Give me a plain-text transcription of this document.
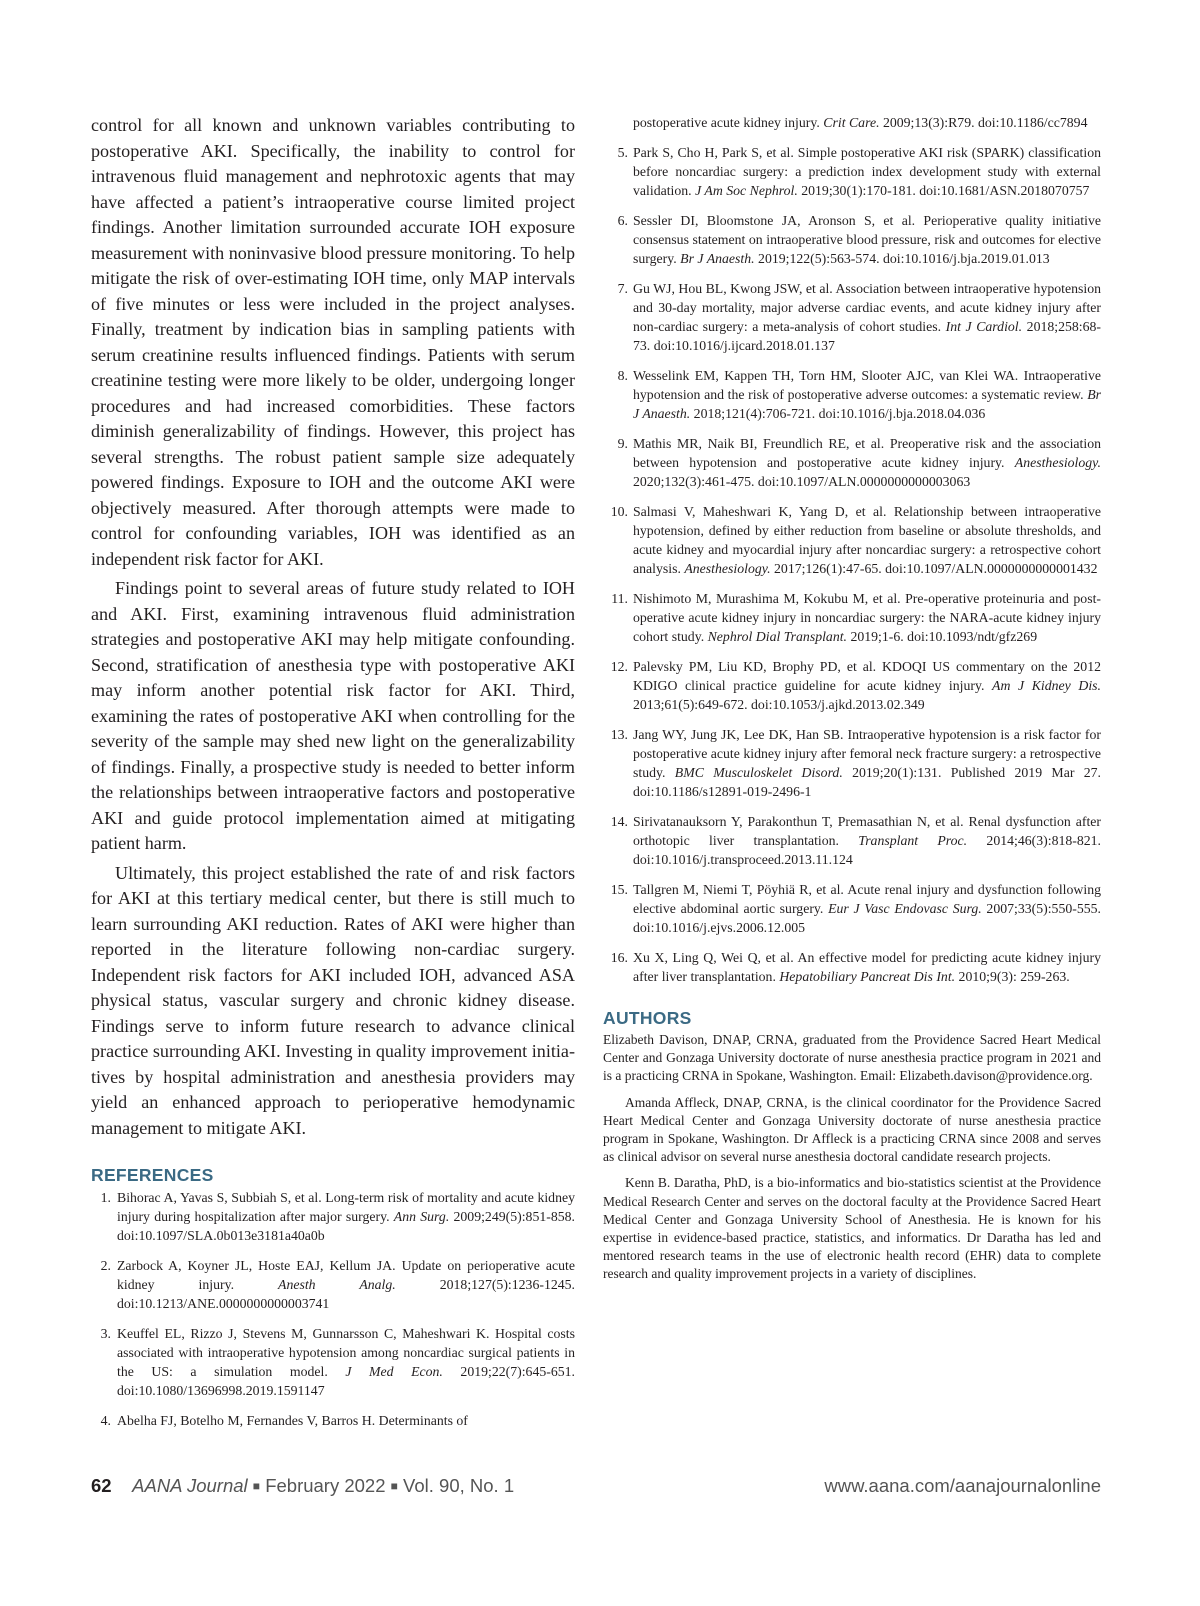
control for all known and unknown variables contributing to postoperative AKI. Specifically, the inability to control for intravenous fluid management and nephrotoxic agents that may have affected a patient’s intraoperative course limited project findings. Another limitation surrounded accurate IOH exposure measurement with noninvasive blood pressure monitoring. To help mitigate the risk of over-estimating IOH time, only MAP intervals of five minutes or less were included in the project analyses. Finally, treatment by indication bias in sampling patients with serum creatinine results influenced findings. Patients with serum creatinine testing were more likely to be older, undergoing longer procedures and had increased comorbidities. These factors diminish generalizability of findings. However, this project has several strengths. The robust patient sample size adequately powered findings. Exposure to IOH and the outcome AKI were objectively measured. After thorough attempts were made to control for confounding variables, IOH was identified as an independent risk factor for AKI.

Findings point to several areas of future study related to IOH and AKI. First, examining intravenous fluid administration strategies and postoperative AKI may help mitigate confounding. Second, stratification of anesthesia type with postoperative AKI may inform another potential risk factor for AKI. Third, examining the rates of postoperative AKI when controlling for the severity of the sample may shed new light on the generalizability of findings. Finally, a prospective study is needed to better inform the relationships between intraoperative factors and postoperative AKI and guide protocol implementation aimed at mitigating patient harm.

Ultimately, this project established the rate of and risk factors for AKI at this tertiary medical center, but there is still much to learn surrounding AKI reduction. Rates of AKI were higher than reported in the literature following non-cardiac surgery. Independent risk factors for AKI included IOH, advanced ASA physical status, vascular surgery and chronic kidney disease. Findings serve to inform future research to advance clinical practice surrounding AKI. Investing in quality improvement initiatives by hospital administration and anesthesia providers may yield an enhanced approach to perioperative hemodynamic management to mitigate AKI.

REFERENCES
1. Bihorac A, Yavas S, Subbiah S, et al. Long-term risk of mortality and acute kidney injury during hospitalization after major surgery. Ann Surg. 2009;249(5):851-858. doi:10.1097/SLA.0b013e3181a40a0b
2. Zarbock A, Koyner JL, Hoste EAJ, Kellum JA. Update on perioperative acute kidney injury. Anesth Analg. 2018;127(5):1236-1245. doi:10.1213/ANE.0000000000003741
3. Keuffel EL, Rizzo J, Stevens M, Gunnarsson C, Maheshwari K. Hospital costs associated with intraoperative hypotension among noncardiac surgical patients in the US: a simulation model. J Med Econ. 2019;22(7):645-651. doi:10.1080/13696998.2019.1591147
4. Abelha FJ, Botelho M, Fernandes V, Barros H. Determinants of
postoperative acute kidney injury. Crit Care. 2009;13(3):R79. doi:10.1186/cc7894
5. Park S, Cho H, Park S, et al. Simple postoperative AKI risk (SPARK) classification before noncardiac surgery: a prediction index development study with external validation. J Am Soc Nephrol. 2019;30(1):170-181. doi:10.1681/ASN.2018070757
6. Sessler DI, Bloomstone JA, Aronson S, et al. Perioperative quality initiative consensus statement on intraoperative blood pressure, risk and outcomes for elective surgery. Br J Anaesth. 2019;122(5):563-574. doi:10.1016/j.bja.2019.01.013
7. Gu WJ, Hou BL, Kwong JSW, et al. Association between intraoperative hypotension and 30-day mortality, major adverse cardiac events, and acute kidney injury after non-cardiac surgery: a meta-analysis of cohort studies. Int J Cardiol. 2018;258:68-73. doi:10.1016/j.ijcard.2018.01.137
8. Wesselink EM, Kappen TH, Torn HM, Slooter AJC, van Klei WA. Intraoperative hypotension and the risk of postoperative adverse outcomes: a systematic review. Br J Anaesth. 2018;121(4):706-721. doi:10.1016/j.bja.2018.04.036
9. Mathis MR, Naik BI, Freundlich RE, et al. Preoperative risk and the association between hypotension and postoperative acute kidney injury. Anesthesiology. 2020;132(3):461-475. doi:10.1097/ALN.0000000000003063
10. Salmasi V, Maheshwari K, Yang D, et al. Relationship between intraoperative hypotension, defined by either reduction from baseline or absolute thresholds, and acute kidney and myocardial injury after noncardiac surgery: a retrospective cohort analysis. Anesthesiology. 2017;126(1):47-65. doi:10.1097/ALN.0000000000001432
11. Nishimoto M, Murashima M, Kokubu M, et al. Pre-operative proteinuria and post-operative acute kidney injury in noncardiac surgery: the NARA-acute kidney injury cohort study. Nephrol Dial Transplant. 2019;1-6. doi:10.1093/ndt/gfz269
12. Palevsky PM, Liu KD, Brophy PD, et al. KDOQI US commentary on the 2012 KDIGO clinical practice guideline for acute kidney injury. Am J Kidney Dis. 2013;61(5):649-672. doi:10.1053/j.ajkd.2013.02.349
13. Jang WY, Jung JK, Lee DK, Han SB. Intraoperative hypotension is a risk factor for postoperative acute kidney injury after femoral neck fracture surgery: a retrospective study. BMC Musculoskelet Disord. 2019;20(1):131. Published 2019 Mar 27. doi:10.1186/s12891-019-2496-1
14. Sirivatanauksorn Y, Parakonthun T, Premasathian N, et al. Renal dysfunction after orthotopic liver transplantation. Transplant Proc. 2014;46(3):818-821. doi:10.1016/j.transproceed.2013.11.124
15. Tallgren M, Niemi T, Pöyhiä R, et al. Acute renal injury and dysfunction following elective abdominal aortic surgery. Eur J Vasc Endovasc Surg. 2007;33(5):550-555. doi:10.1016/j.ejvs.2006.12.005
16. Xu X, Ling Q, Wei Q, et al. An effective model for predicting acute kidney injury after liver transplantation. Hepatobiliary Pancreat Dis Int. 2010;9(3): 259-263.
AUTHORS

Elizabeth Davison, DNAP, CRNA, graduated from the Providence Sacred Heart Medical Center and Gonzaga University doctorate of nurse anesthesia practice program in 2021 and is a practicing CRNA in Spokane, Washington. Email: Elizabeth.davison@providence.org.

Amanda Affleck, DNAP, CRNA, is the clinical coordinator for the Providence Sacred Heart Medical Center and Gonzaga University doctorate of nurse anesthesia practice program in Spokane, Washington. Dr Affleck is a practicing CRNA since 2008 and serves as clinical advisor on several nurse anesthesia doctoral candidate research projects.

Kenn B. Daratha, PhD, is a bio-informatics and bio-statistics scientist at the Providence Medical Research Center and serves on the doctoral faculty at the Providence Sacred Heart Medical Center and Gonzaga University School of Anesthesia. He is known for his expertise in evidence-based practice, statistics, and informatics. Dr Daratha has led and mentored research teams in the use of electronic health record (EHR) data to complete research and quality improvement projects in a variety of disciplines.

62 AANA Journal ■ February 2022 ■ Vol. 90, No. 1	www.aana.com/aanajournalonline
